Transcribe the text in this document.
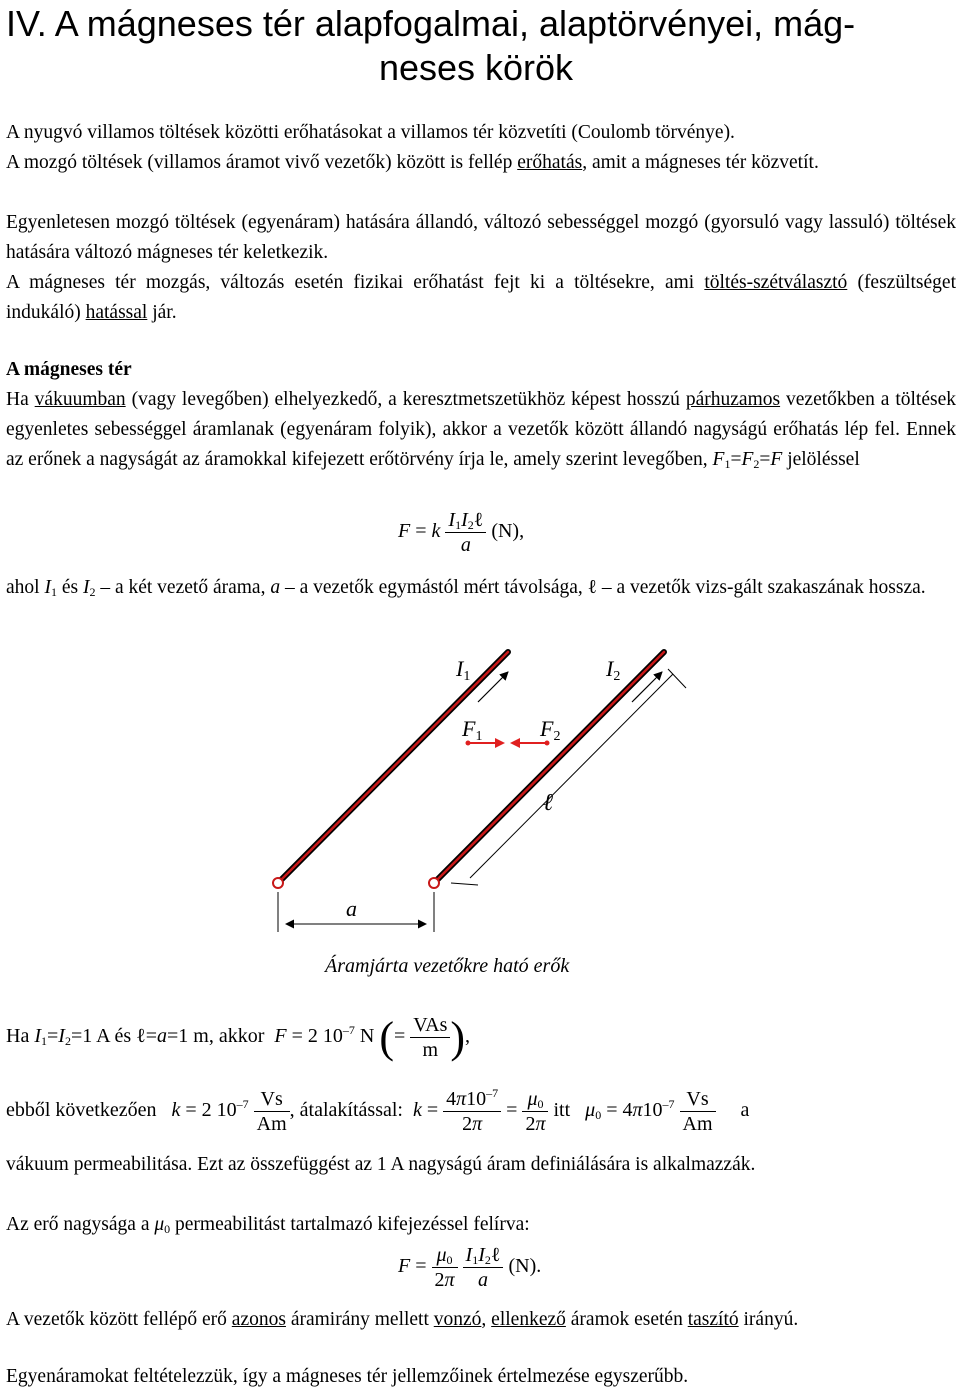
IV. A mágneses tér alapfogalmai, alaptörvényei, mág-
neses körök
A nyugvó villamos töltések közötti erőhatásokat a villamos tér közvetíti (Coulomb törvénye).
A mozgó töltések (villamos áramot vivő vezetők) között is fellép erőhatás, amit a mágneses tér közvetít.
Egyenletesen mozgó töltések (egyenáram) hatására állandó, változó sebességgel mozgó (gyorsuló vagy lassuló) töltések hatására változó mágneses tér keletkezik.
A mágneses tér mozgás, változás esetén fizikai erőhatást fejt ki a töltésekre, ami töltés-szétválasztó (feszültséget indukáló) hatással jár.
A mágneses tér
Ha vákuumban (vagy levegőben) elhelyezkedő, a keresztmetszetükhöz képest hosszú párhuzamos vezetőkben a töltések egyenletes sebességgel áramlanak (egyenáram folyik), akkor a vezetők között állandó nagyságú erőhatás lép fel. Ennek az erőnek a nagyságát az áramokkal kifejezett erőtörvény írja le, amely szerint levegőben, $F_1=F_2=F$ jelöléssel
F = k $\frac{I_1I_2\ell}{a} (N)$,
ahol $I_1$ és $I_2$ – a két vezető árama, a – a vezetők egymástól mért távolsága, ℓ – a vezetők vizs-gált szakaszának hossza.
I1	I2
F1	F2
ℓ
a
Áramjárta vezetőkre ható erők
Ha $I_1=I_2=1$ A és ℓ=a=1 m, akkor  F = 2 $10^{-7}$ N (= $\frac{\text{VAs}}{m}$ ),
ebből következően k = 2 $10^{-7} \frac{Vs}{Am}$ , átalakítással: $k = \frac{4\pi 10^{-7}}{2\pi} = \frac{\mu_0}{2\pi}$ itt $\mu_0 = 4\pi 10^{-7} \frac{Vs}{Am}$ a
vákuum permeabilitása. Ezt az összefüggést az 1 A nagyságú áram definiálására is alkalmazzák.
Az erő nagysága a $\mu_0$ permeabilitást tartalmazó kifejezéssel felírva:
$F = \frac{\mu_0}{2\pi}$
$\frac{I_1I_2\ell}{a} (N)$.
A vezetők között fellépő erő azonos áramirány mellett vonzó, ellenkező áramok esetén taszító irányú.
Egyenáramokat feltételezzük, így a mágneses tér jellemzőinek értelmezése egyszerűbb.
